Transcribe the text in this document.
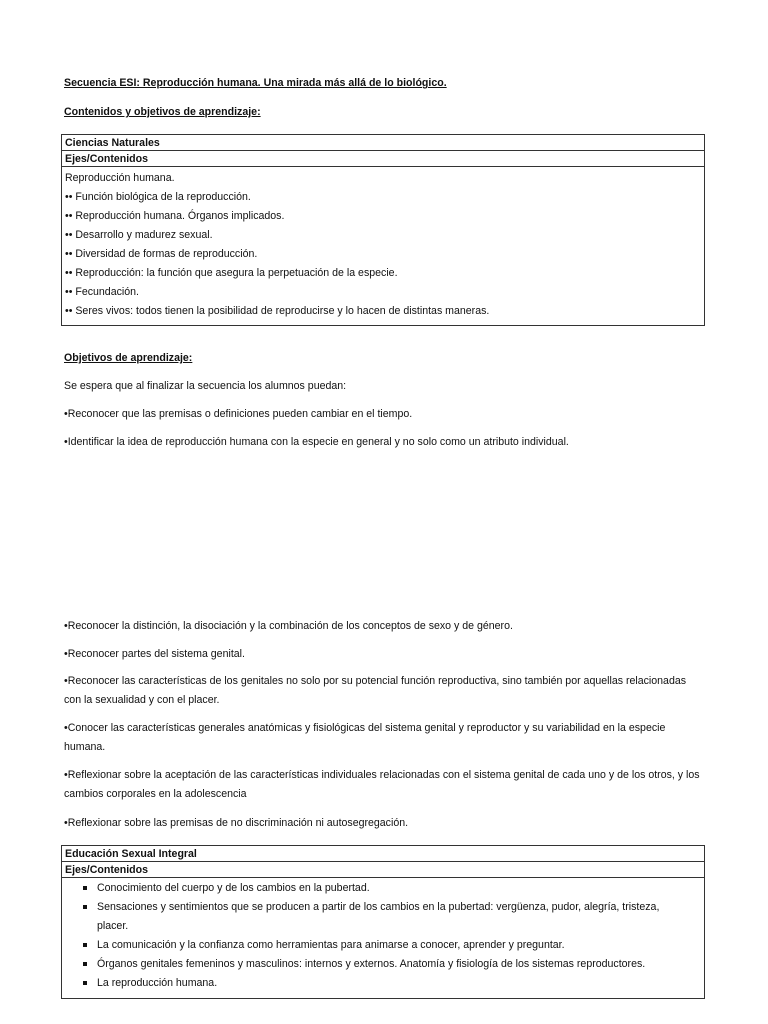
Secuencia ESI: Reproducción humana. Una mirada más allá de lo biológico.
Contenidos y objetivos de aprendizaje:
Ciencias Naturales
Ejes/Contenidos
Reproducción humana.
•• Función biológica de la reproducción.
•• Reproducción humana. Órganos implicados.
•• Desarrollo y madurez sexual.
•• Diversidad de formas de reproducción.
•• Reproducción: la función que asegura la perpetuación de la especie.
•• Fecundación.
•• Seres vivos: todos tienen la posibilidad de reproducirse y lo hacen de distintas maneras.
Objetivos de aprendizaje:
Se espera que al finalizar la secuencia los alumnos puedan:
•Reconocer que las premisas o definiciones pueden cambiar en el tiempo.
•Identificar la idea de reproducción humana con la especie en general y no solo como un atributo individual.
•Reconocer la distinción, la disociación y la combinación de los conceptos de sexo y de género.
•Reconocer partes del sistema genital.
•Reconocer las características de los genitales no solo por su potencial función reproductiva, sino también por aquellas relacionadas con la sexualidad y con el placer.
•Conocer las características generales anatómicas y fisiológicas del sistema genital y reproductor y su variabilidad en la especie humana.
•Reflexionar sobre la aceptación de las características individuales relacionadas con el sistema genital de cada uno y de los otros, y los cambios corporales en la adolescencia
•Reflexionar sobre las premisas de no discriminación ni autosegregación.
Educación Sexual Integral
Ejes/Contenidos
Conocimiento del cuerpo y de los cambios en la pubertad.
Sensaciones y sentimientos que se producen a partir de los cambios en la pubertad: vergüenza, pudor, alegría, tristeza, placer.
La comunicación y la confianza como herramientas para animarse a conocer, aprender y preguntar.
Órganos genitales femeninos y masculinos: internos y externos. Anatomía y fisiología de los sistemas reproductores.
La reproducción humana.
